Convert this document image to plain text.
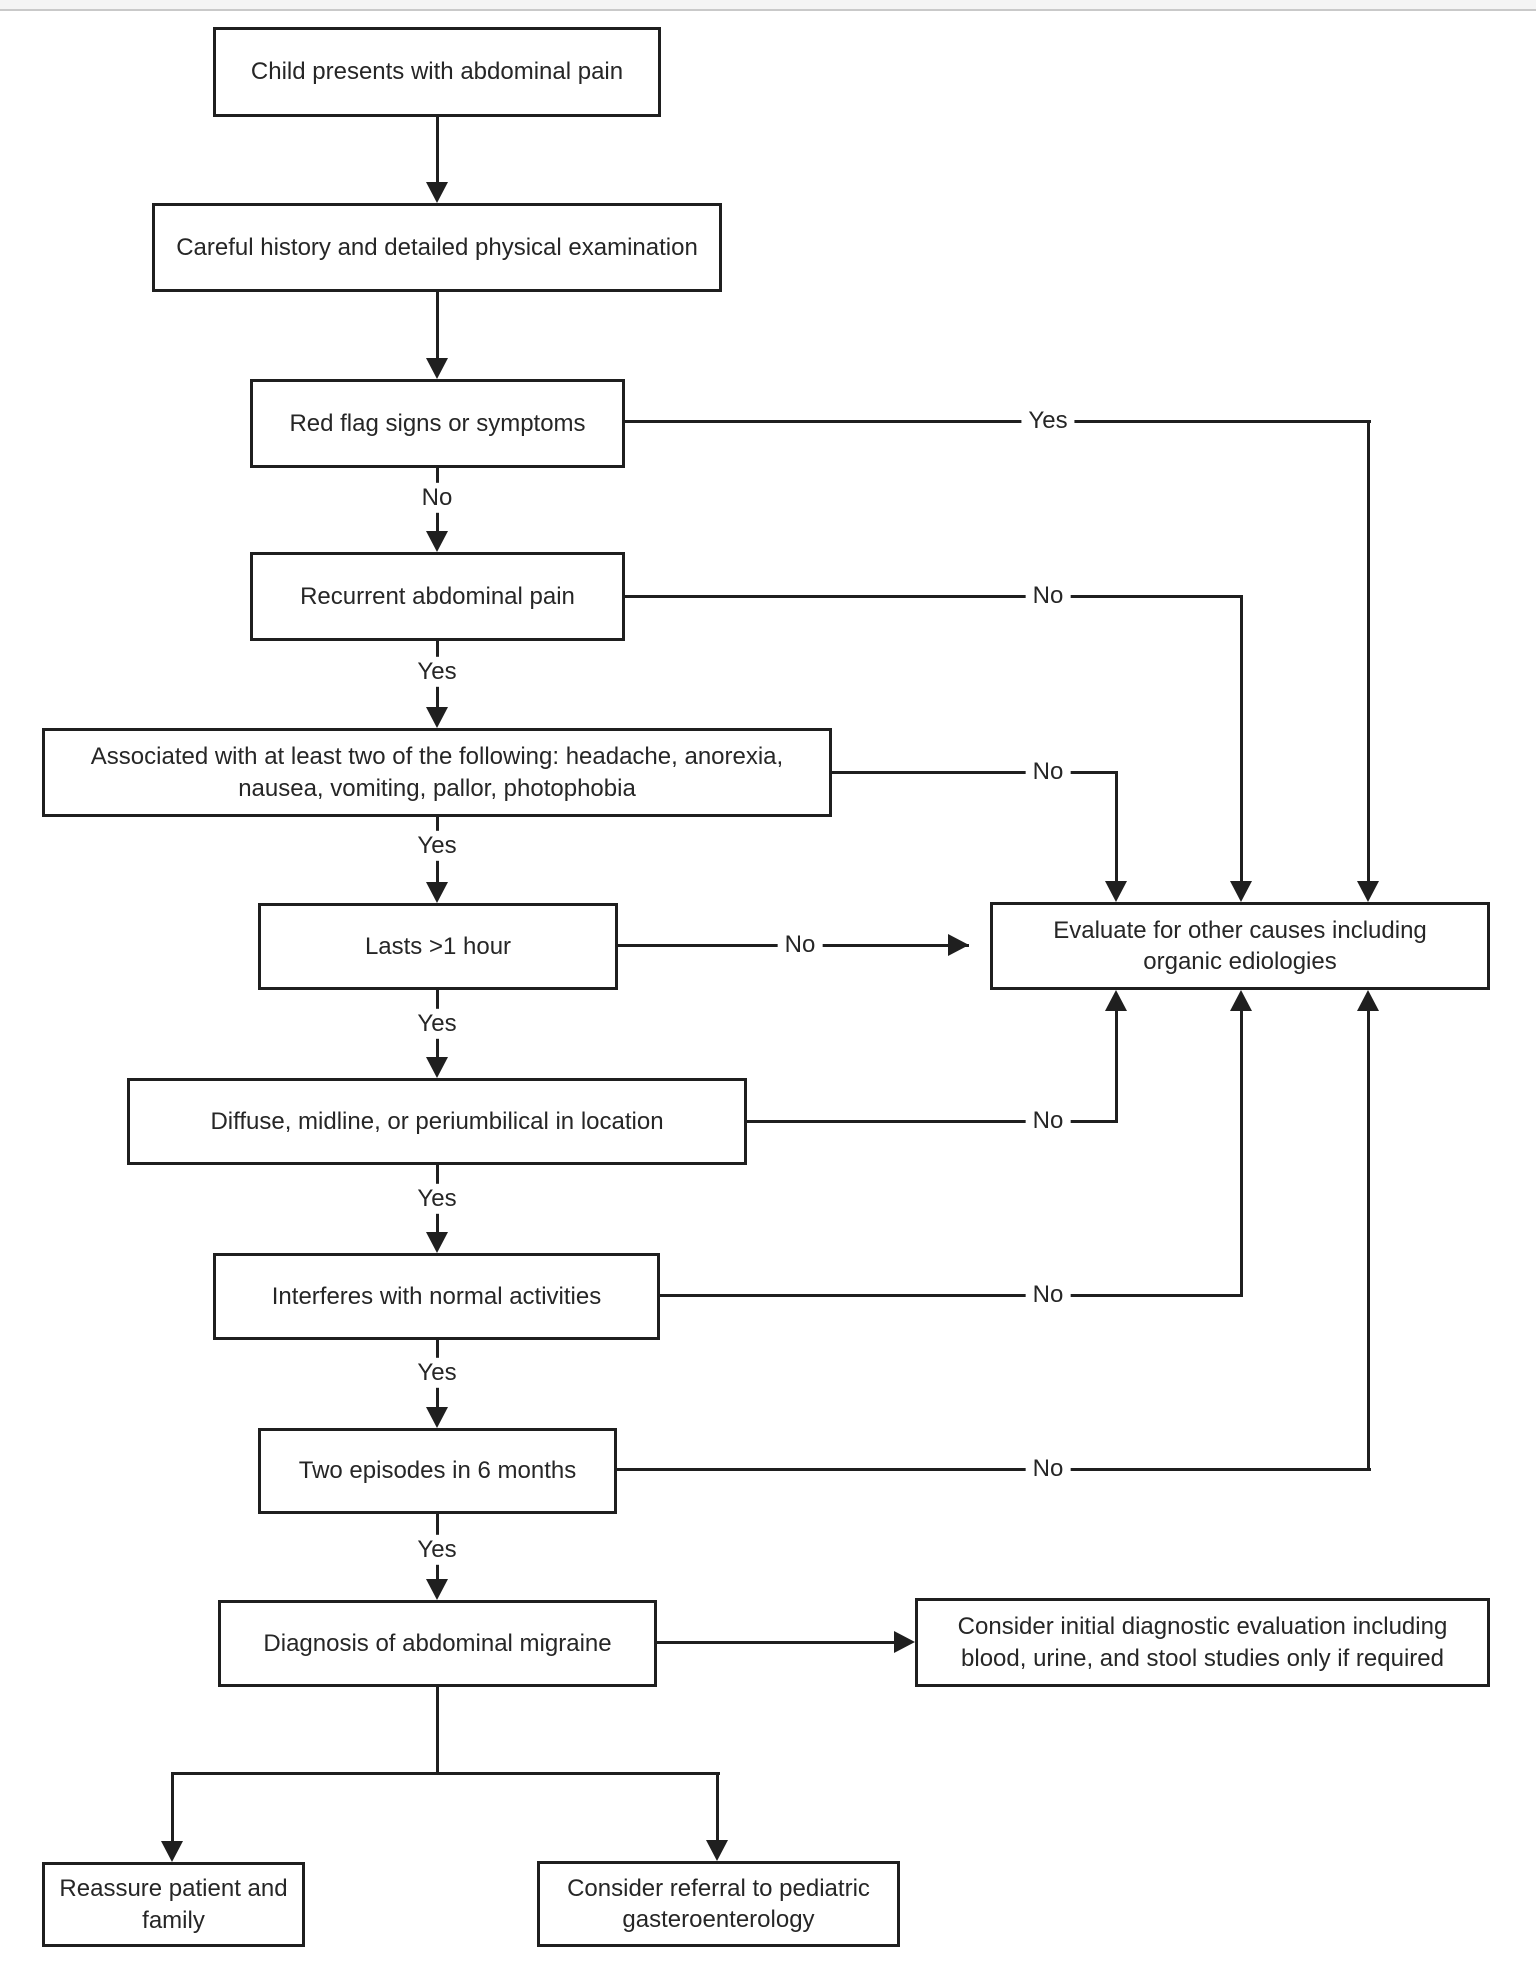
Child presents with abdominal pain
Careful history and detailed physical examination
Red flag signs or symptoms
Recurrent abdominal pain
Associated with at least two of the following: headache, anorexia, nausea, vomiting, pallor, photophobia
Lasts >1 hour
Evaluate for other causes including organic ediologies
Diffuse, midline, or periumbilical in location
Interferes with normal activities
Two episodes in 6 months
Diagnosis of abdominal migraine
Consider initial diagnostic evaluation including blood, urine, and stool studies only if required
Reassure patient and family
Consider referral to pediatric gasteroenterology
No
Yes
Yes
Yes
Yes
Yes
Yes
Yes
No
No
No
No
No
No
